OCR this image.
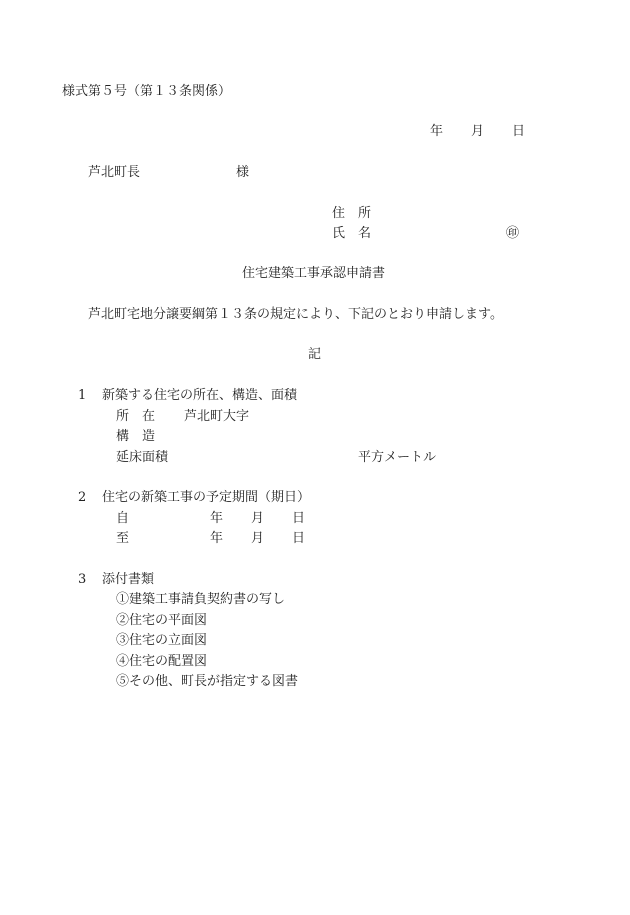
様式第５号（第１３条関係）
年 月 日
芦北町長	様
住　所
氏　名	㊞
住宅建築工事承認申請書
芦北町宅地分譲要綱第１３条の規定により、下記のとおり申請します。
記
1 新築する住宅の所在、構造、面積
所　在 芦北町大字
構　造
延床面積	平方メートル
2 住宅の新築工事の予定期間（期日）
自	年 月 日
至	年 月 日
3 添付書類
①建築工事請負契約書の写し
②住宅の平面図
③住宅の立面図
④住宅の配置図
⑤その他、町長が指定する図書
